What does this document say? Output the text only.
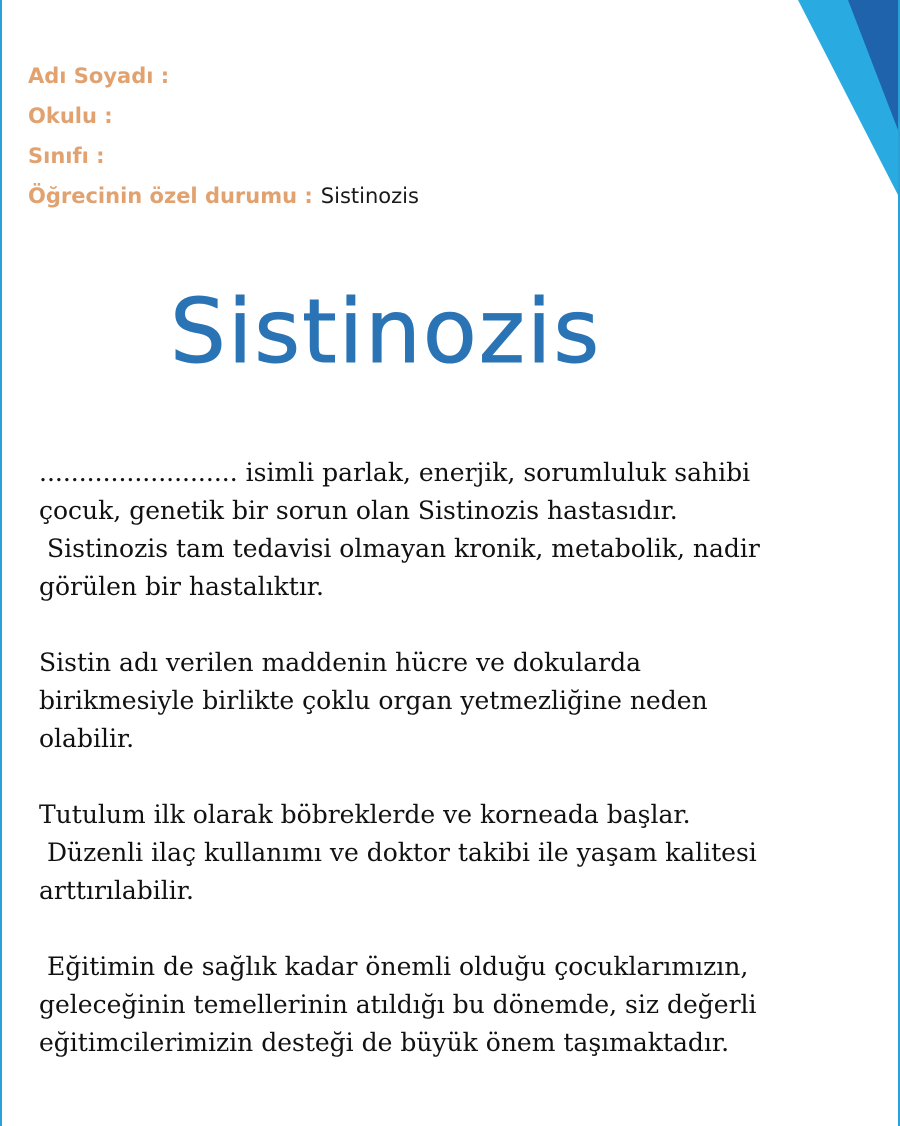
Adı Soyadı :
Okulu :
Sınıfı :
Öğrecinin özel durumu : Sistinozis
Sistinozis

......................... isimli parlak, enerjik, sorumluluk sahibi
çocuk, genetik bir sorun olan Sistinozis hastasıdır.
Sistinozis tam tedavisi olmayan kronik, metabolik, nadir
görülen bir hastalıktır.

Sistin adı verilen maddenin hücre ve dokularda
birikmesiyle birlikte çoklu organ yetmezliğine neden
olabilir.

Tutulum ilk olarak böbreklerde ve korneada başlar.
Düzenli ilaç kullanımı ve doktor takibi ile yaşam kalitesi
arttırılabilir.

Eğitimin de sağlık kadar önemli olduğu çocuklarımızın,
geleceğinin temellerinin atıldığı bu dönemde, siz değerli
eğitimcilerimizin desteği de büyük önem taşımaktadır.
